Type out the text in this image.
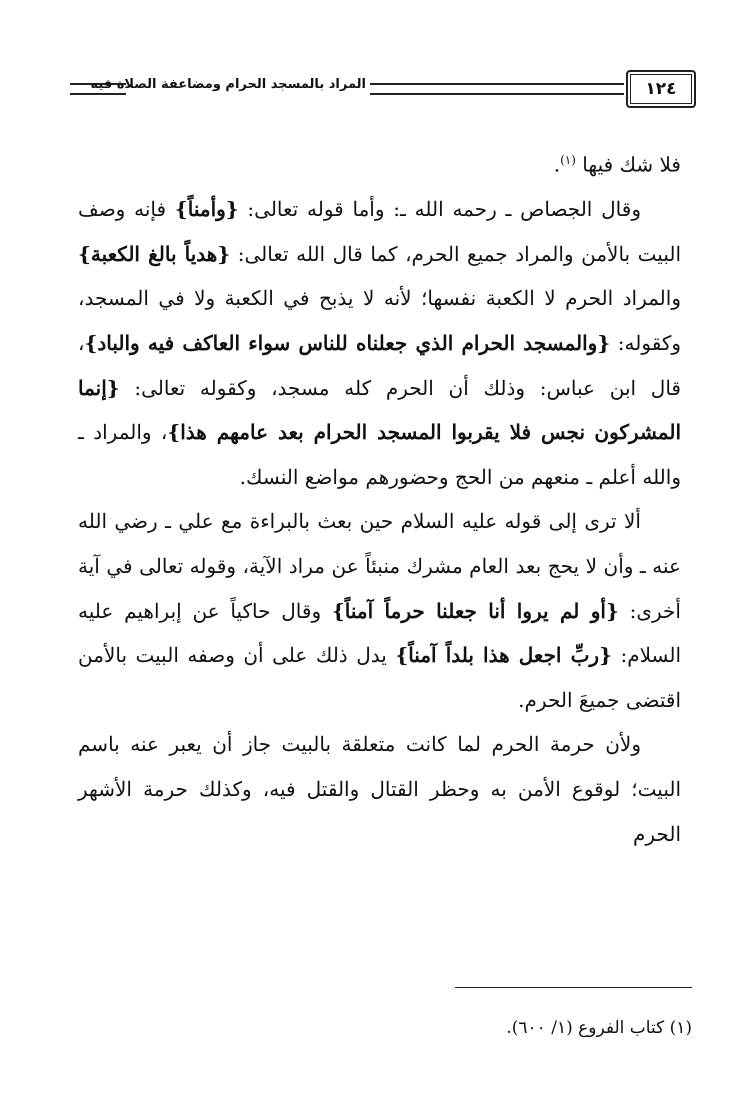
المراد بالمسجد الحرام ومضاعفة الصلاة فيه	١٢٤

فلا شك فيها $^{(١)}$.

وقال الجصاص ـ رحمه الله ـ: وأما قوله تعالى: {وأمناً} فإنه وصف البيت بالأمن والمراد جميع الحرم، كما قال الله تعالى: {هدياً بالغ الكعبة} والمراد الحرم لا الكعبة نفسها؛ لأنه لا يذبح في الكعبة ولا في المسجد، وكقوله: {والمسجد الحرام الذي جعلناه للناس سواء العاكف فيه والباد}، قال ابن عباس: وذلك أن الحرم كله مسجد، وكقوله تعالى: {إنما المشركون نجس فلا يقربوا المسجد الحرام بعد عامهم هذا}، والمراد ـ والله أعلم ـ منعهم من الحج وحضورهم مواضع النسك.

ألا ترى إلى قوله عليه السلام حين بعث بالبراءة مع علي ـ رضي الله عنه ـ وأن لا يحج بعد العام مشرك منبئاً عن مراد الآية، وقوله تعالى في آية أخرى: {أو لم يروا أنا جعلنا حرماً آمناً} وقال حاكياً عن إبراهيم عليه السلام: {ربِّ اجعل هذا بلداً آمناً} يدل ذلك على أن وصفه البيت بالأمن اقتضى جميعَ الحرم.

ولأن حرمة الحرم لما كانت متعلقة بالبيت جاز أن يعبر عنه باسم البيت؛ لوقوع الأمن به وحظر القتال والقتل فيه، وكذلك حرمة الأشهر الحرم

(١) كتاب الفروع (١/ ٦٠٠).
